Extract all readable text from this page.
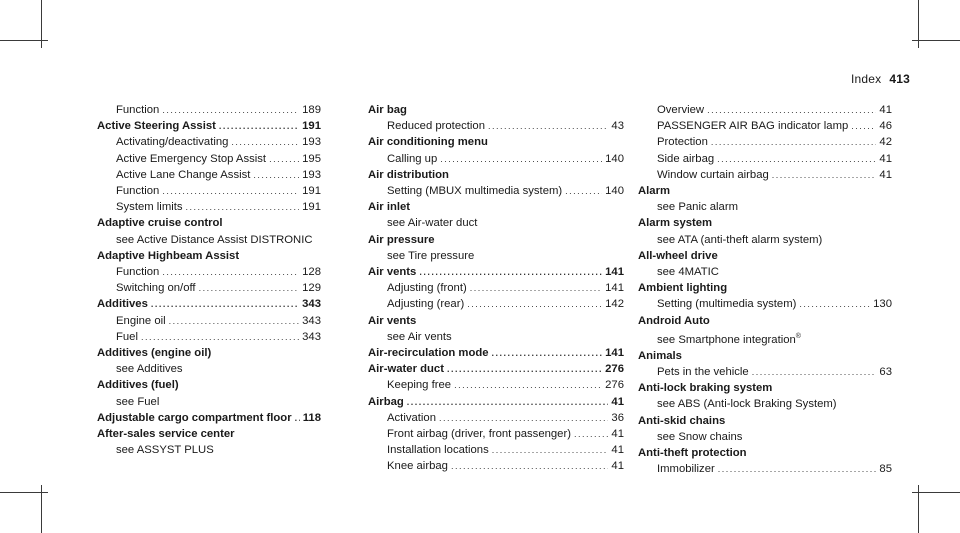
Index 413
Function .....	189
Active Steering Assist .....	191
Activating/deactivating .....	193
Active Emergency Stop Assist .....	195
Active Lane Change Assist .....	193
Function .....	191
System limits .....	191
Adaptive cruise control
see Active Distance Assist DISTRONIC
Adaptive Highbeam Assist
Function .....	128
Switching on/off .....	129
Additives .....	343
Engine oil .....	343
Fuel .....	343
Additives (engine oil)
see Additives
Additives (fuel)
see Fuel
Adjustable cargo compartment floor ..... 118
After-sales service center
see ASSYST PLUS
Air bag
Reduced protection .....	43
Air conditioning menu
Calling up .....	140
Air distribution
Setting (MBUX multimedia system) .....	140
Air inlet
see Air-water duct
Air pressure
see Tire pressure
Air vents .....	141
Adjusting (front) .....	141
Adjusting (rear) .....	142
Air vents
see Air vents
Air-recirculation mode .....	141
Air-water duct .....	276
Keeping free .....	276
Airbag .....	41
Activation .....	36
Front airbag (driver, front passenger) .....	41
Installation locations .....	41
Knee airbag .....	41
Overview .....	41
PASSENGER AIR BAG indicator lamp .....	46
Protection .....	42
Side airbag .....	41
Window curtain airbag .....	41
Alarm
see Panic alarm
Alarm system
see ATA (anti-theft alarm system)
All-wheel drive
see 4MATIC
Ambient lighting
Setting (multimedia system) .....	130
Android Auto
see Smartphone integration®
Animals
Pets in the vehicle .....	63
Anti-lock braking system
see ABS (Anti-lock Braking System)
Anti-skid chains
see Snow chains
Anti-theft protection
Immobilizer .....	85
